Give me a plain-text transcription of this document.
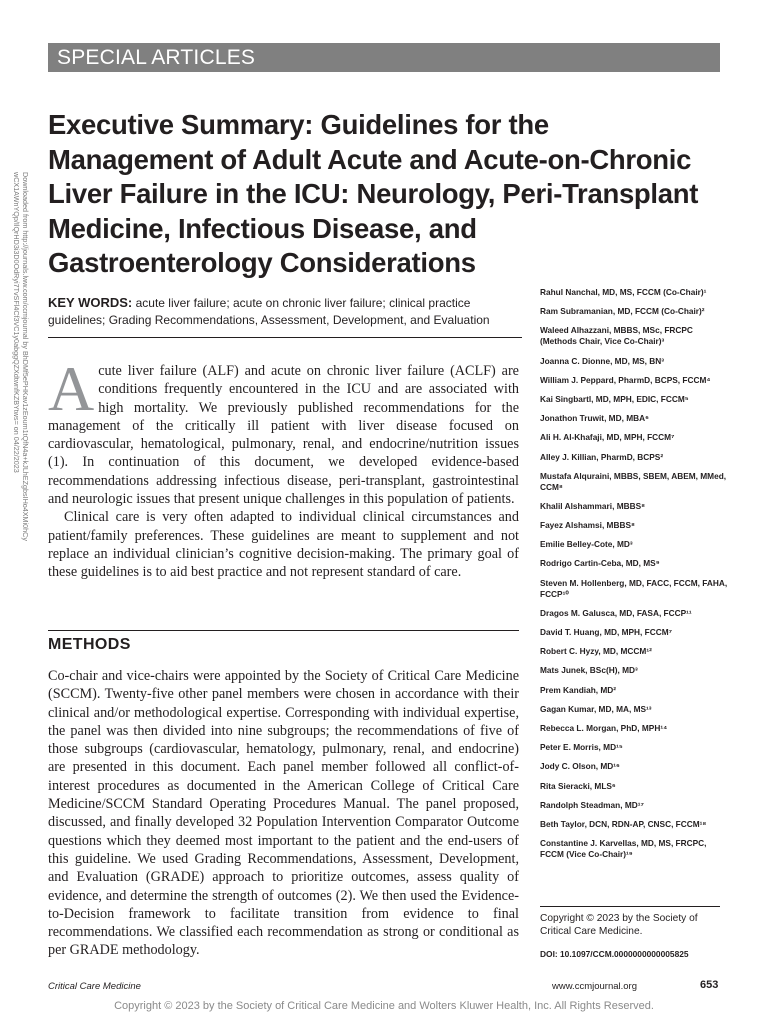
SPECIAL ARTICLES
Executive Summary: Guidelines for the Management of Adult Acute and Acute-on-Chronic Liver Failure in the ICU: Neurology, Peri-Transplant Medicine, Infectious Disease, and Gastroenterology Considerations
Downloaded from http://journals.lww.com/ccmjournal by BhDMf5ePHKav1zEoum1tQfN4a+kJLhEZgbsIHo4XMi0hCy
wCX1AWnYQp/IlQrHD3i3D0OdRyi7TvSFl4Cf3VC1y0abggQZXdtwnfKZBYtws= on 04/22/2023 KEY WORDS: acute liver failure; acute on chronic liver failure; clinical practice guidelines; Grading Recommendations, Assessment, Development, and Evaluation

Acute liver failure (ALF) and acute on chronic liver failure (ACLF) are conditions frequently encountered in the ICU and are associated with high mortality. We previously published recommendations for the management of the critically ill patient with liver disease focused on cardiovascular, hematological, pulmonary, renal, and endocrine/nutrition issues (1). In continuation of this document, we developed evidence-based recommendations addressing infectious disease, peri-transplant, gastrointestinal and neurologic issues that present unique challenges in this population of patients.

Clinical care is very often adapted to individual clinical circumstances and patient/family preferences. These guidelines are meant to supplement and not replace an individual clinician’s cognitive decision-making. The primary goal of these guidelines is to aid best practice and not represent standard of care.

METHODS

Co-chair and vice-chairs were appointed by the Society of Critical Care Medicine (SCCM). Twenty-five other panel members were chosen in accordance with their clinical and/or methodological expertise. Corresponding with individual expertise, the panel was then divided into nine subgroups; the recommendations of five of those subgroups (cardiovascular, hematology, pulmonary, renal, and endocrine) are presented in this document. Each panel member followed all conflict-of-interest procedures as documented in the American College of Critical Care Medicine/SCCM Standard Operating Procedures Manual. The panel proposed, discussed, and finally developed 32 Population Intervention Comparator Outcome questions which they deemed most important to the patient and the end-users of this guideline. We used Grading Recommendations, Assessment, Development, and Evaluation (GRADE) approach to prioritize outcomes, assess quality of evidence, and determine the strength of outcomes (2). We then used the Evidence-to-Decision framework to facilitate transition from evidence to final recommendations. We classified each recommendation as strong or conditional as per GRADE methodology.

Rahul Nanchal, MD, MS, FCCM (Co-Chair)¹
Ram Subramanian, MD, FCCM (Co-Chair)²
Waleed Alhazzani, MBBS, MSc, FRCPC (Methods Chair, Vice Co-Chair)³
Joanna C. Dionne, MD, MS, BN³
William J. Peppard, PharmD, BCPS, FCCM⁴
Kai Singbartl, MD, MPH, EDIC, FCCM⁵
Jonathon Truwit, MD, MBA⁶
Ali H. Al-Khafaji, MD, MPH, FCCM⁷
Alley J. Killian, PharmD, BCPS²
Mustafa Alquraini, MBBS, SBEM, ABEM, MMed, CCM⁸
Khalil Alshammari, MBBS⁸
Fayez Alshamsi, MBBS⁸
Emilie Belley-Cote, MD³
Rodrigo Cartin-Ceba, MD, MS⁹
Steven M. Hollenberg, MD, FACC, FCCM, FAHA, FCCP¹⁰
Dragos M. Galusca, MD, FASA, FCCP¹¹
David T. Huang, MD, MPH, FCCM⁷
Robert C. Hyzy, MD, MCCM¹²
Mats Junek, BSc(H), MD³
Prem Kandiah, MD²
Gagan Kumar, MD, MA, MS¹³
Rebecca L. Morgan, PhD, MPH¹⁴
Peter E. Morris, MD¹⁵
Jody C. Olson, MD¹⁶
Rita Sieracki, MLS⁶
Randolph Steadman, MD¹⁷
Beth Taylor, DCN, RDN-AP, CNSC, FCCM¹⁸
Constantine J. Karvellas, MD, MS, FRCPC, FCCM (Vice Co-Chair)¹⁹
Copyright © 2023 by the Society of Critical Care Medicine.
DOI: 10.1097/CCM.0000000000005825
Critical Care Medicine	www.ccmjournal.org	653
Copyright © 2023 by the Society of Critical Care Medicine and Wolters Kluwer Health, Inc. All Rights Reserved.
